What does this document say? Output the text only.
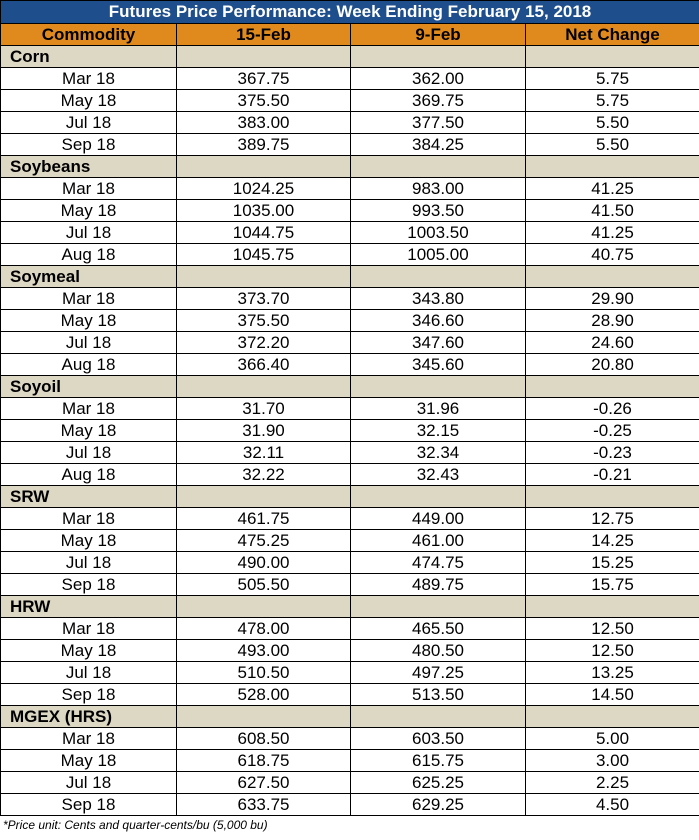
Futures Price Performance: Week Ending February 15, 2018			
Commodity	15-Feb	9-Feb	Net Change
Corn			
Mar 18	367.75	362.00	5.75
May 18	375.50	369.75	5.75
Jul 18	383.00	377.50	5.50
Sep 18	389.75	384.25	5.50
Soybeans			
Mar 18	1024.25	983.00	41.25
May 18	1035.00	993.50	41.50
Jul 18	1044.75	1003.50	41.25
Aug 18	1045.75	1005.00	40.75
Soymeal			
Mar 18	373.70	343.80	29.90
May 18	375.50	346.60	28.90
Jul 18	372.20	347.60	24.60
Aug 18	366.40	345.60	20.80
Soyoil			
Mar 18	31.70	31.96	-0.26
May 18	31.90	32.15	-0.25
Jul 18	32.11	32.34	-0.23
Aug 18	32.22	32.43	-0.21
SRW			
Mar 18	461.75	449.00	12.75
May 18	475.25	461.00	14.25
Jul 18	490.00	474.75	15.25
Sep 18	505.50	489.75	15.75
HRW			
Mar 18	478.00	465.50	12.50
May 18	493.00	480.50	12.50
Jul 18	510.50	497.25	13.25
Sep 18	528.00	513.50	14.50
MGEX (HRS)			
Mar 18	608.50	603.50	5.00
May 18	618.75	615.75	3.00
Jul 18	627.50	625.25	2.25
Sep 18	633.75	629.25	4.50
*Price unit: Cents and quarter-cents/bu (5,000 bu)
